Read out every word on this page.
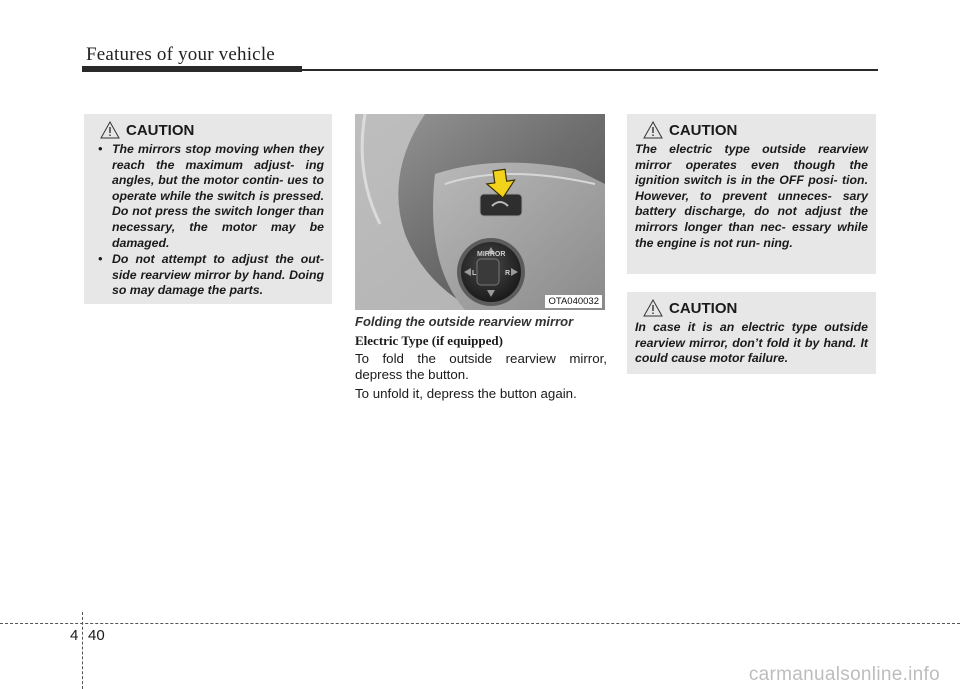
Features of your vehicle
CAUTION
• The mirrors stop moving when they reach the maximum adjust- ing angles, but the motor contin- ues to operate while the switch is pressed. Do not press the switch longer than necessary, the motor may be damaged.
• Do not attempt to adjust the out- side rearview mirror by hand. Doing so may damage the parts.
MIRROR
L	R
OTA040032
Folding the outside rearview mirror
Electric Type (if equipped)

To fold the outside rearview mirror, depress the button.

To unfold it, depress the button again.

CAUTION
The electric type outside rearview mirror operates even though the ignition switch is in the OFF posi- tion. However, to prevent unneces- sary battery discharge, do not adjust the mirrors longer than nec- essary while the engine is not run- ning.
CAUTION
In case it is an electric type outside rearview mirror, don’t fold it by hand. It could cause motor failure.
4 40
carmanualsonline.info
